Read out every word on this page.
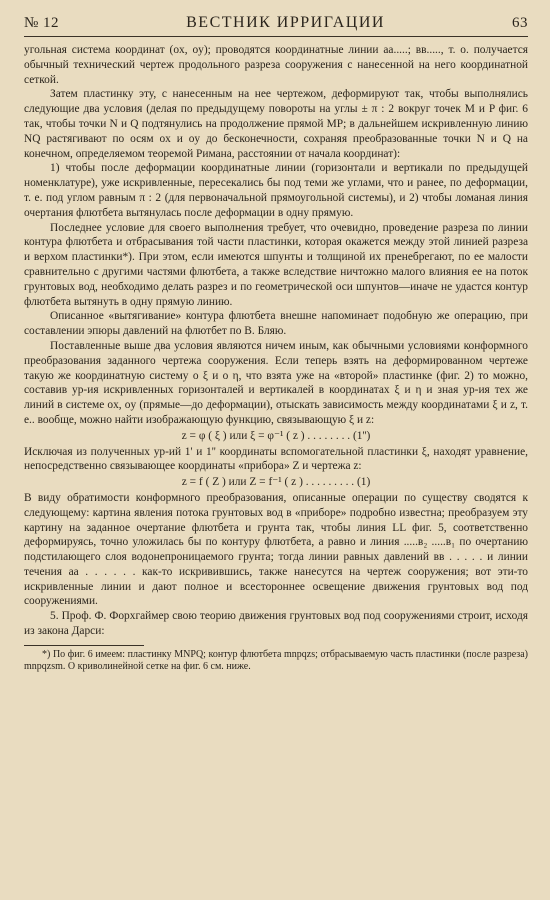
№ 12	ВЕСТНИК ИРРИГАЦИИ	63

угольная система координат (ox, oy); проводятся координатные линии аа.....; вв....., т. о. получается обычный технический чертеж продольного разреза сооружения с нанесенной на него координатной сеткой.

Затем пластинку эту, с нанесенным на нее чертежом, деформируют так, чтобы выполнялись следующие два условия (делая по предыдущему повороты на углы ± π : 2 вокруг точек M и P фиг. 6 так, чтобы точки N и Q подтянулись на продолжение прямой MP; в дальнейшем искривленную линию NQ растягивают по осям ox и oy до бесконечности, сохраняя преобразованные точки N и Q на конечном, определяемом теоремой Римана, расстоянии от начала координат):

1) чтобы после деформации координатные линии (горизонтали и вертикали по предыдущей номенклатуре), уже искривленные, пересекались бы под теми же углами, что и ранее, по деформации, т. е. под углом равным π : 2 (для первоначальной прямоугольной системы), и 2) чтобы ломаная линия очертания флютбета вытянулась после деформации в одну прямую.

Последнее условие для своего выполнения требует, что очевидно, проведение разреза по линии контура флютбета и отбрасывания той части пластинки, которая окажется между этой линией разреза и верхом пластинки*). При этом, если имеются шпунты и толщиной их пренебрегают, по ее малости сравнительно с другими частями флютбета, а также вследствие ничтожно малого влияния ее на поток грунтовых вод, необходимо делать разрез и по геометрической оси шпунтов—иначе не удастся контур флютбета вытянуть в одну прямую линию.

Описанное «вытягивание» контура флютбета внешне напоминает подобную же операцию, при составлении эпюры давлений на флютбет по В. Бляю.

Поставленные выше два условия являются ничем иным, как обычными условиями конформного преобразования заданного чертежа сооружения. Если теперь взять на деформированном чертеже такую же координатную систему o ξ и o η, что взята уже на «второй» пластинке (фиг. 2) то можно, составив ур-ия искривленных горизонталей и вертикалей в координатах ξ и η и зная ур-ия тех же линий в системе ox, oy (прямые—до деформации), отыскать зависимость между координатами ξ и z, т. е.. вообще, можно найти изображающую функцию, связывающую ξ и z:

z = φ ( ξ ) или ξ = φ⁻¹ ( z ) . . . . . . . . (1'')

Исключая из полученных ур-ий 1' и 1'' координаты вспомогательной пластинки ξ, находят уравнение, непосредственно связывающее координаты «прибора» Z и чертежа z:

z = f ( Z ) или Z = f⁻¹ ( z ) . . . . . . . . . (1)

В виду обратимости конформного преобразования, описанные операции по существу сводятся к следующему: картина явления потока грунтовых вод в «приборе» подробно известна; преобразуем эту картину на заданное очертание флютбета и грунта так, чтобы линия LL фиг. 5, соответственно деформируясь, точно уложилась бы по контуру флютбета, а равно и линия .....в₂ .....в₁ по очертанию подстилающего слоя водонепроницаемого грунта; тогда линии равных давлений вв . . . . . и линии течения аа . . . . . . как-то искривившись, также нанесутся на чертеж сооружения; вот эти-то искривленные линии и дают полное и всестороннее освещение движения грунтовых вод под сооружениями.

5. Проф. Ф. Форхгаймер свою теорию движения грунтовых вод под сооружениями строит, исходя из закона Дарси:

*) По фиг. 6 имеем: пластинку MNPQ; контур флютбета mnpqzs; отбрасываемую часть пластинки (после разреза) mnpqzsm. О криволинейной сетке на фиг. 6 см. ниже.
